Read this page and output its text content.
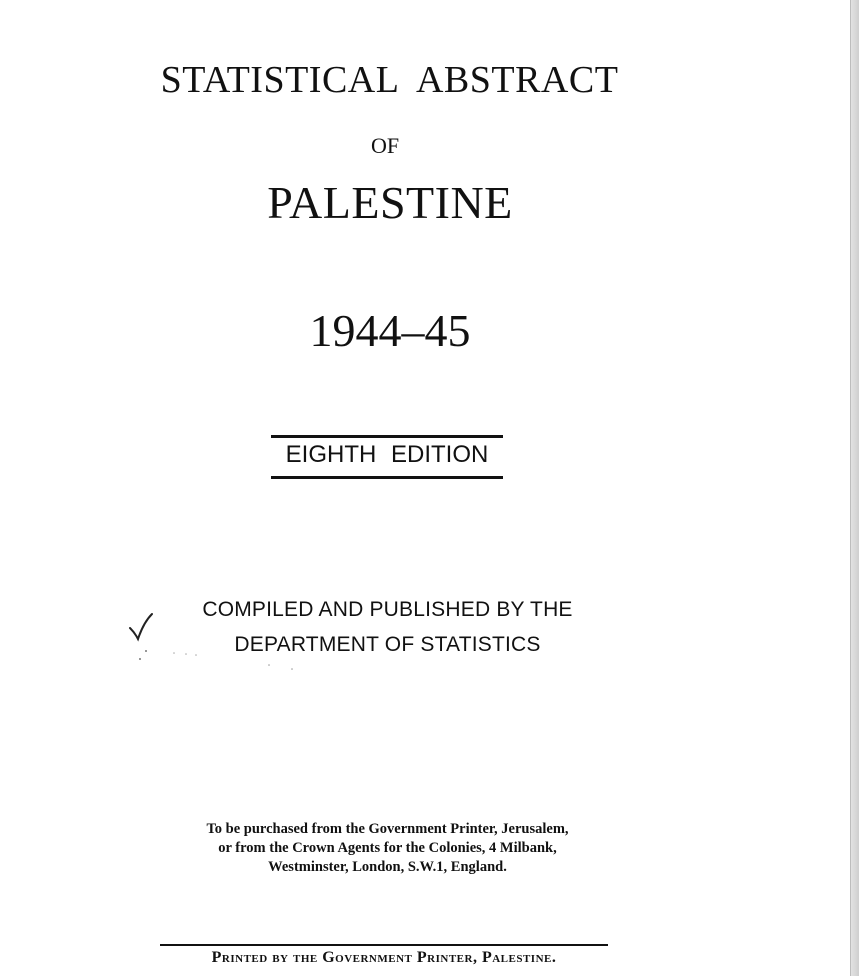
STATISTICAL ABSTRACT
OF
PALESTINE
1944–45
EIGHTH EDITION
COMPILED AND PUBLISHED BY THE
DEPARTMENT OF STATISTICS
To be purchased from the Government Printer, Jerusalem,
or from the Crown Agents for the Colonies, 4 Milbank,
Westminster, London, S.W.1, England.
Printed by the Government Printer, Palestine.
